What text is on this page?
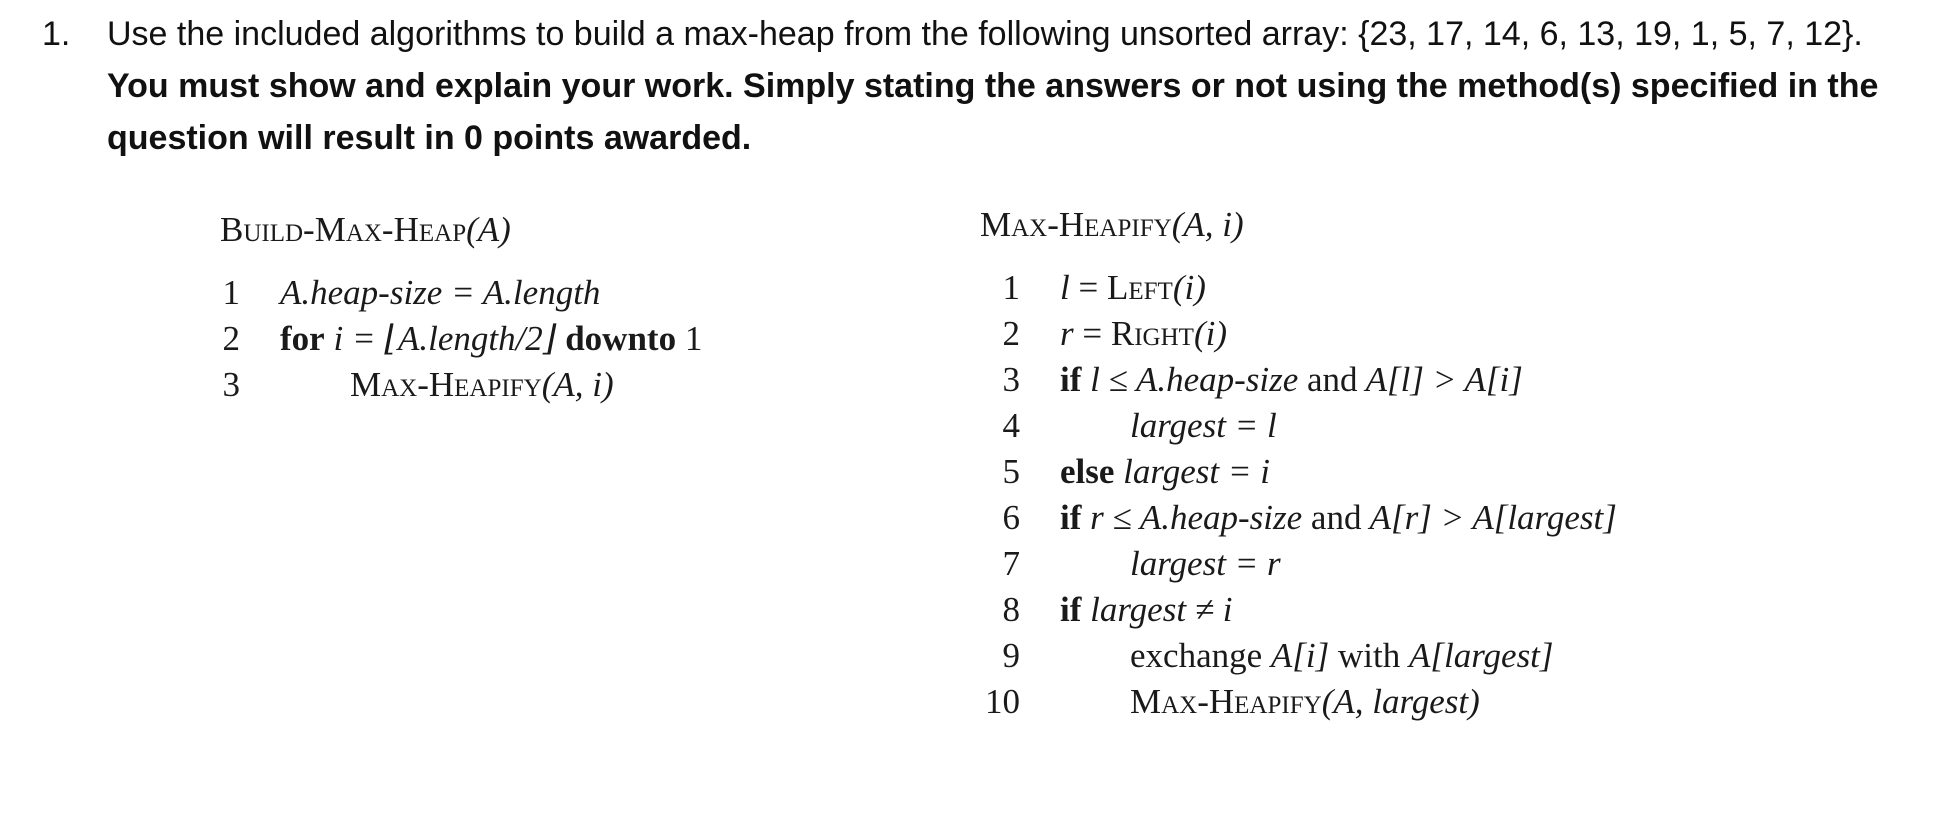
1. Use the included algorithms to build a max-heap from the following unsorted array: {23, 17, 14, 6, 13, 19, 1, 5, 7, 12}. You must show and explain your work. Simply stating the answers or not using the method(s) specified in the question will result in 0 points awarded.
Build-Max-Heap(A)
1 A.heap-size = A.length
2 for i = ⌊A.length/2⌋ downto 1
3	Max-Heapify(A, i)
Max-Heapify(A, i)
1 l = Left(i)
2 r = Right(i)
3 if l ≤ A.heap-size and A[l] > A[i]
4	largest = l
5 else largest = i
6 if r ≤ A.heap-size and A[r] > A[largest]
7	largest = r
8 if largest ≠ i
9	exchange A[i] with A[largest]
10	Max-Heapify(A, largest)
